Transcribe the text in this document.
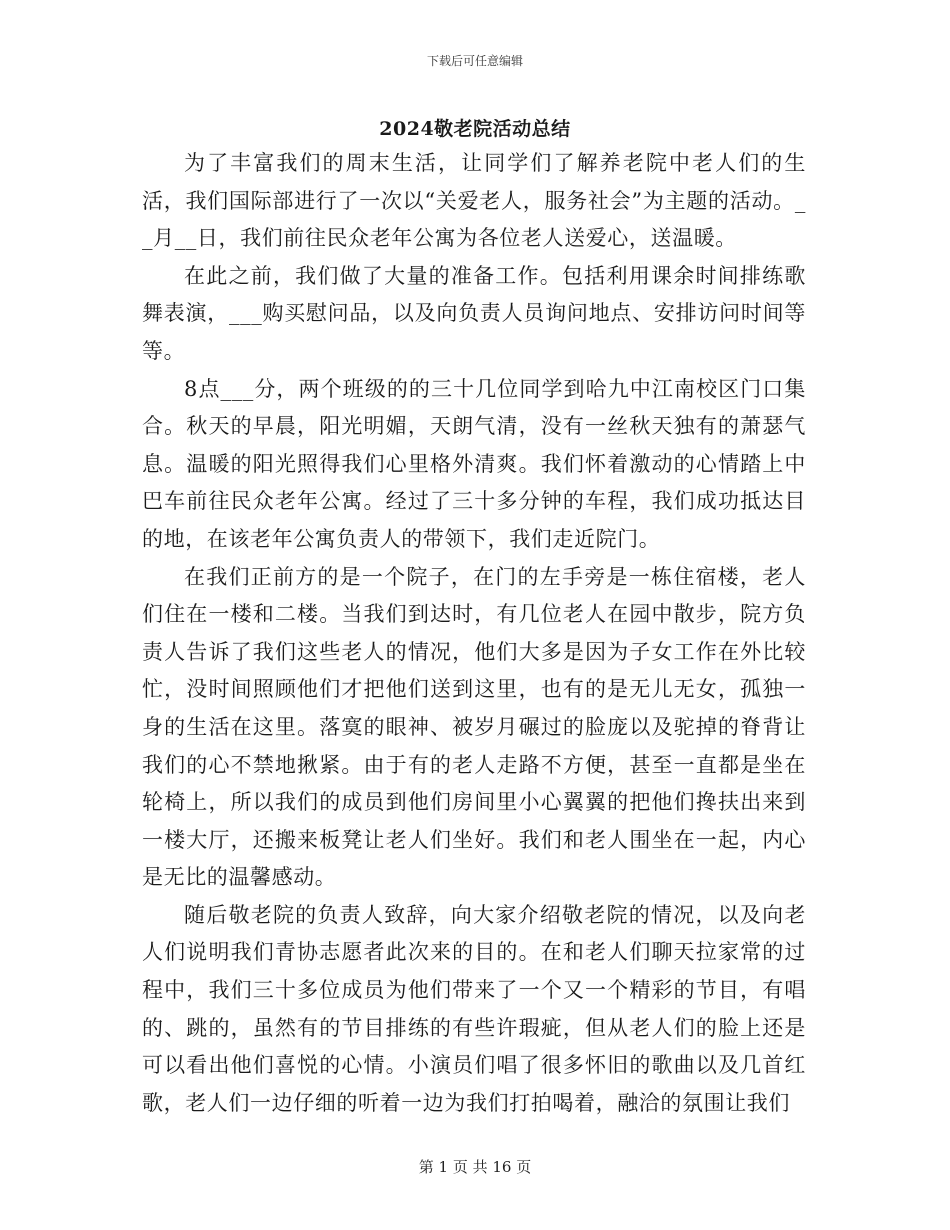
下载后可任意编辑
2024敬老院活动总结

为了丰富我们的周末生活，让同学们了解养老院中老人们的生活，我们国际部进行了一次以“关爱老人，服务社会”为主题的活动。__月__日，我们前往民众老年公寓为各位老人送爱心，送温暖。

在此之前，我们做了大量的准备工作。包括利用课余时间排练歌舞表演，___购买慰问品，以及向负责人员询问地点、安排访问时间等等。

8点___分，两个班级的的三十几位同学到哈九中江南校区门口集合。秋天的早晨，阳光明媚，天朗气清，没有一丝秋天独有的萧瑟气息。温暖的阳光照得我们心里格外清爽。我们怀着激动的心情踏上中巴车前往民众老年公寓。经过了三十多分钟的车程，我们成功抵达目的地，在该老年公寓负责人的带领下，我们走近院门。

在我们正前方的是一个院子，在门的左手旁是一栋住宿楼，老人们住在一楼和二楼。当我们到达时，有几位老人在园中散步，院方负责人告诉了我们这些老人的情况，他们大多是因为子女工作在外比较忙，没时间照顾他们才把他们送到这里，也有的是无儿无女，孤独一身的生活在这里。落寞的眼神、被岁月碾过的脸庞以及驼掉的脊背让我们的心不禁地揪紧。由于有的老人走路不方便，甚至一直都是坐在轮椅上，所以我们的成员到他们房间里小心翼翼的把他们搀扶出来到一楼大厅，还搬来板凳让老人们坐好。我们和老人围坐在一起，内心是无比的温馨感动。

随后敬老院的负责人致辞，向大家介绍敬老院的情况，以及向老人们说明我们青协志愿者此次来的目的。在和老人们聊天拉家常的过程中，我们三十多位成员为他们带来了一个又一个精彩的节目，有唱的、跳的，虽然有的节目排练的有些许瑕疵，但从老人们的脸上还是可以看出他们喜悦的心情。小演员们唱了很多怀旧的歌曲以及几首红歌，老人们一边仔细的听着一边为我们打拍喝着，融洽的氛围让我们

第 1 页 共 16 页
